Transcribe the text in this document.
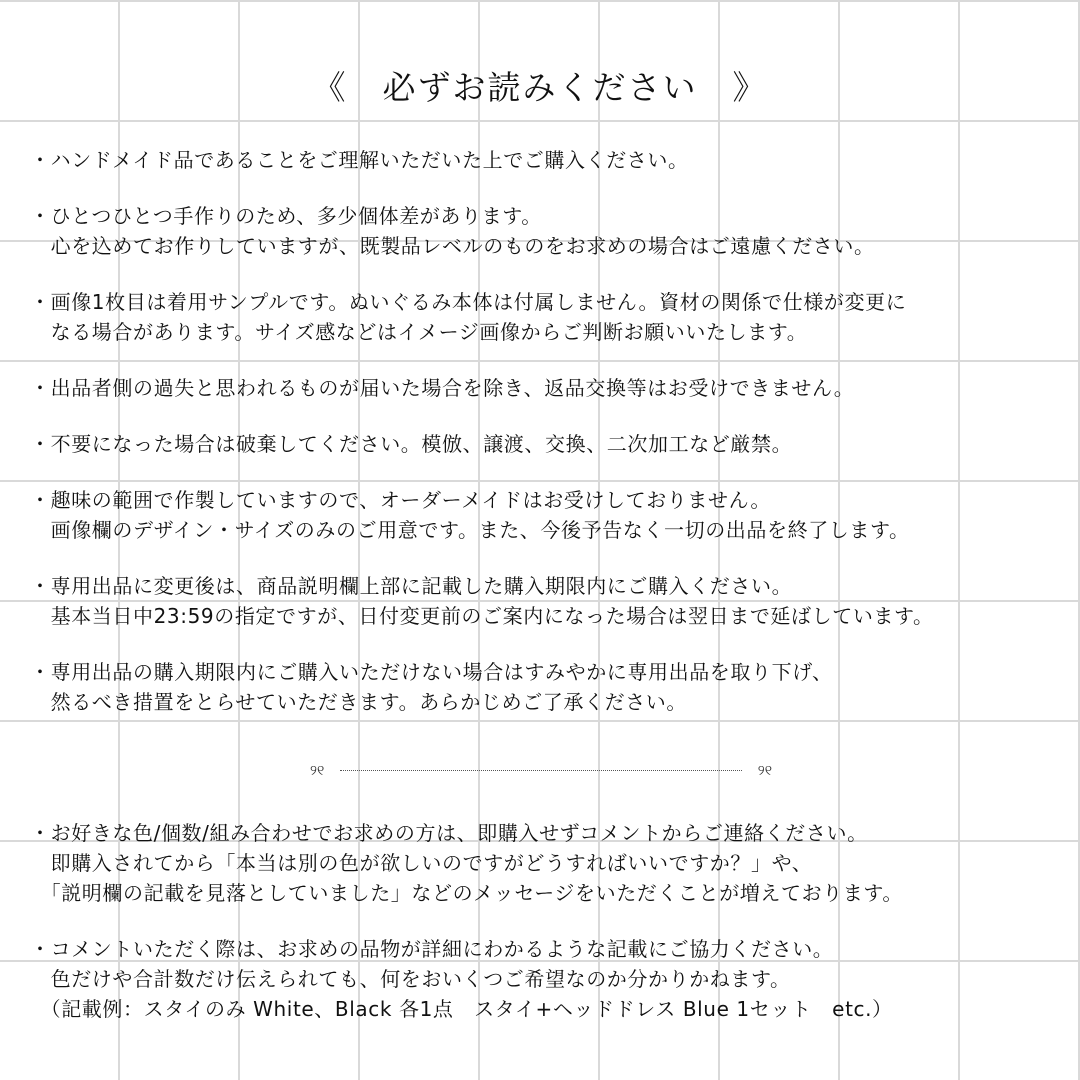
《　必ずお読みください　》
・ハンドメイド品であることをご理解いただいた上でご購入ください。
・ひとつひとつ手作りのため、多少個体差があります。
　心を込めてお作りしていますが、既製品レベルのものをお求めの場合はご遠慮ください。
・画像1枚目は着用サンプルです。ぬいぐるみ本体は付属しません。資材の関係で仕様が変更に
　なる場合があります。サイズ感などはイメージ画像からご判断お願いいたします。
・出品者側の過失と思われるものが届いた場合を除き、返品交換等はお受けできません。
・不要になった場合は破棄してください。模倣、譲渡、交換、二次加工など厳禁。
・趣味の範囲で作製していますので、オーダーメイドはお受けしておりません。
　画像欄のデザイン・サイズのみのご用意です。また、今後予告なく一切の出品を終了します。
・専用出品に変更後は、商品説明欄上部に記載した購入期限内にご購入ください。
　基本当日中23:59の指定ですが、日付変更前のご案内になった場合は翌日まで延ばしています。
・専用出品の購入期限内にご購入いただけない場合はすみやかに専用出品を取り下げ、
　然るべき措置をとらせていただきます。あらかじめご了承ください。
୨୧	୨୧
・お好きな色/個数/組み合わせでお求めの方は、即購入せずコメントからご連絡ください。
　即購入されてから「本当は別の色が欲しいのですがどうすればいいですか？」や、
　「説明欄の記載を見落としていました」などのメッセージをいただくことが増えております。
・コメントいただく際は、お求めの品物が詳細にわかるような記載にご協力ください。
　色だけや合計数だけ伝えられても、何をおいくつご希望なのか分かりかねます。
　（記載例：スタイのみ White、Black 各1点　スタイ+ヘッドドレス Blue 1セット　etc.）
